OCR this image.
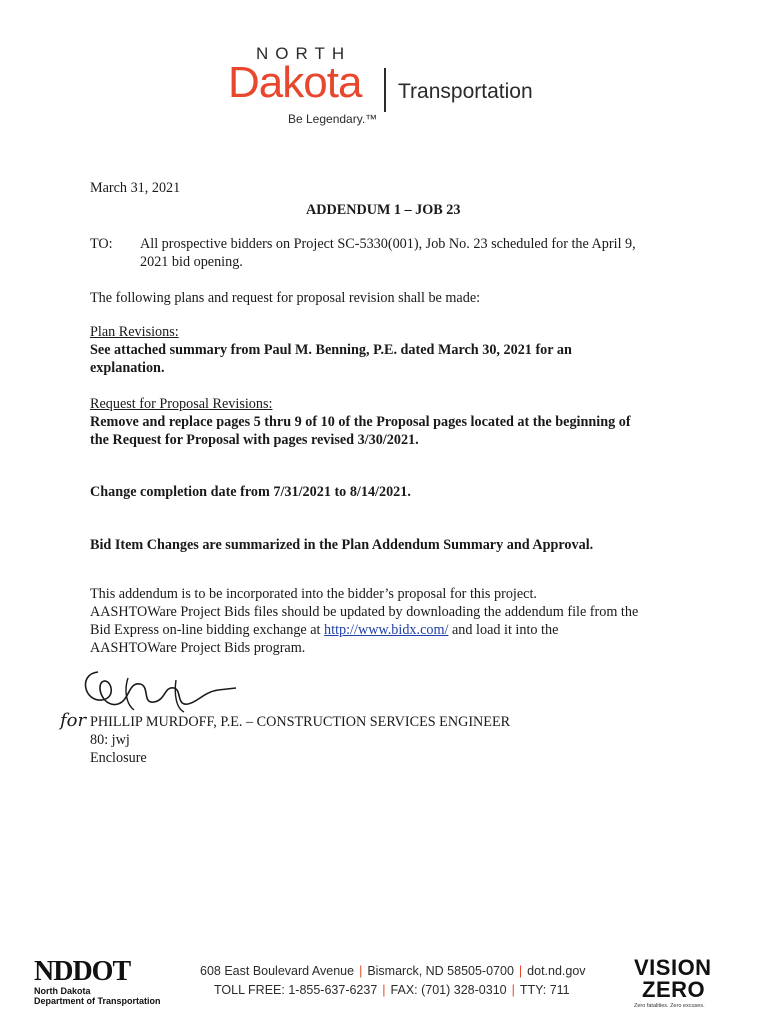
NORTH
Dakota Transportation
Be Legendary.™
March 31, 2021
ADDENDUM 1 – JOB 23
TO: All prospective bidders on Project SC-5330(001), Job No. 23 scheduled for the April 9,
2021 bid opening.
The following plans and request for proposal revision shall be made:
Plan Revisions:
See attached summary from Paul M. Benning, P.E. dated March 30, 2021 for an
explanation.
Request for Proposal Revisions:
Remove and replace pages 5 thru 9 of 10 of the Proposal pages located at the beginning of
the Request for Proposal with pages revised 3/30/2021.
Change completion date from 7/31/2021 to 8/14/2021.
Bid Item Changes are summarized in the Plan Addendum Summary and Approval.
This addendum is to be incorporated into the bidder’s proposal for this project.
AASHTOWare Project Bids files should be updated by downloading the addendum file from the
Bid Express on-line bidding exchange at http://www.bidx.com/ and load it into the
AASHTOWare Project Bids program.
for PHILLIP MURDOFF, P.E. – CONSTRUCTION SERVICES ENGINEER
80: jwj
Enclosure
NDDOT
North Dakota
Department of Transportation
608 East Boulevard Avenue | Bismarck, ND 58505-0700 | dot.nd.gov
TOLL FREE: 1-855-637-6237 | FAX: (701) 328-0310 | TTY: 711
VISION
ZERO
Zero fatalities. Zero excuses.
